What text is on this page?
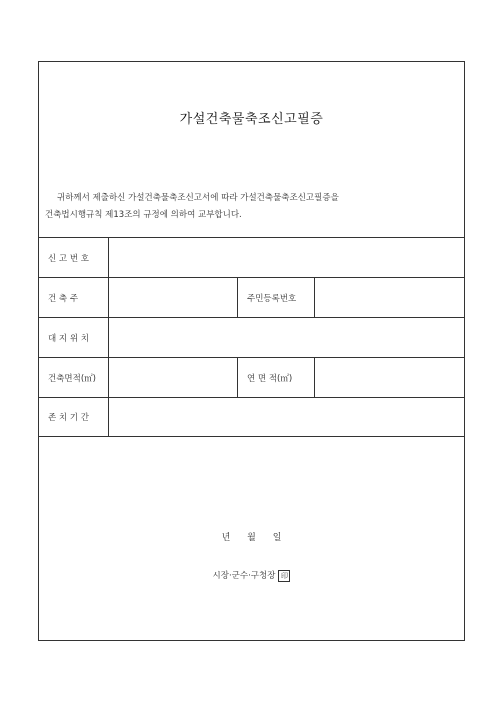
가설건축물축조신고필증
귀하께서 제출하신 가설건축물축조신고서에 따라 가설건축물축조신고필증을
건축법시행규칙 제13조의 규정에 의하여 교부합니다.
신 고 번 호
건 축 주	주민등록번호
대 지 위 치
건축면적(㎡)	연 면 적(㎡)
존 치 기 간
년 월 일
시장·군수·구청장 印
